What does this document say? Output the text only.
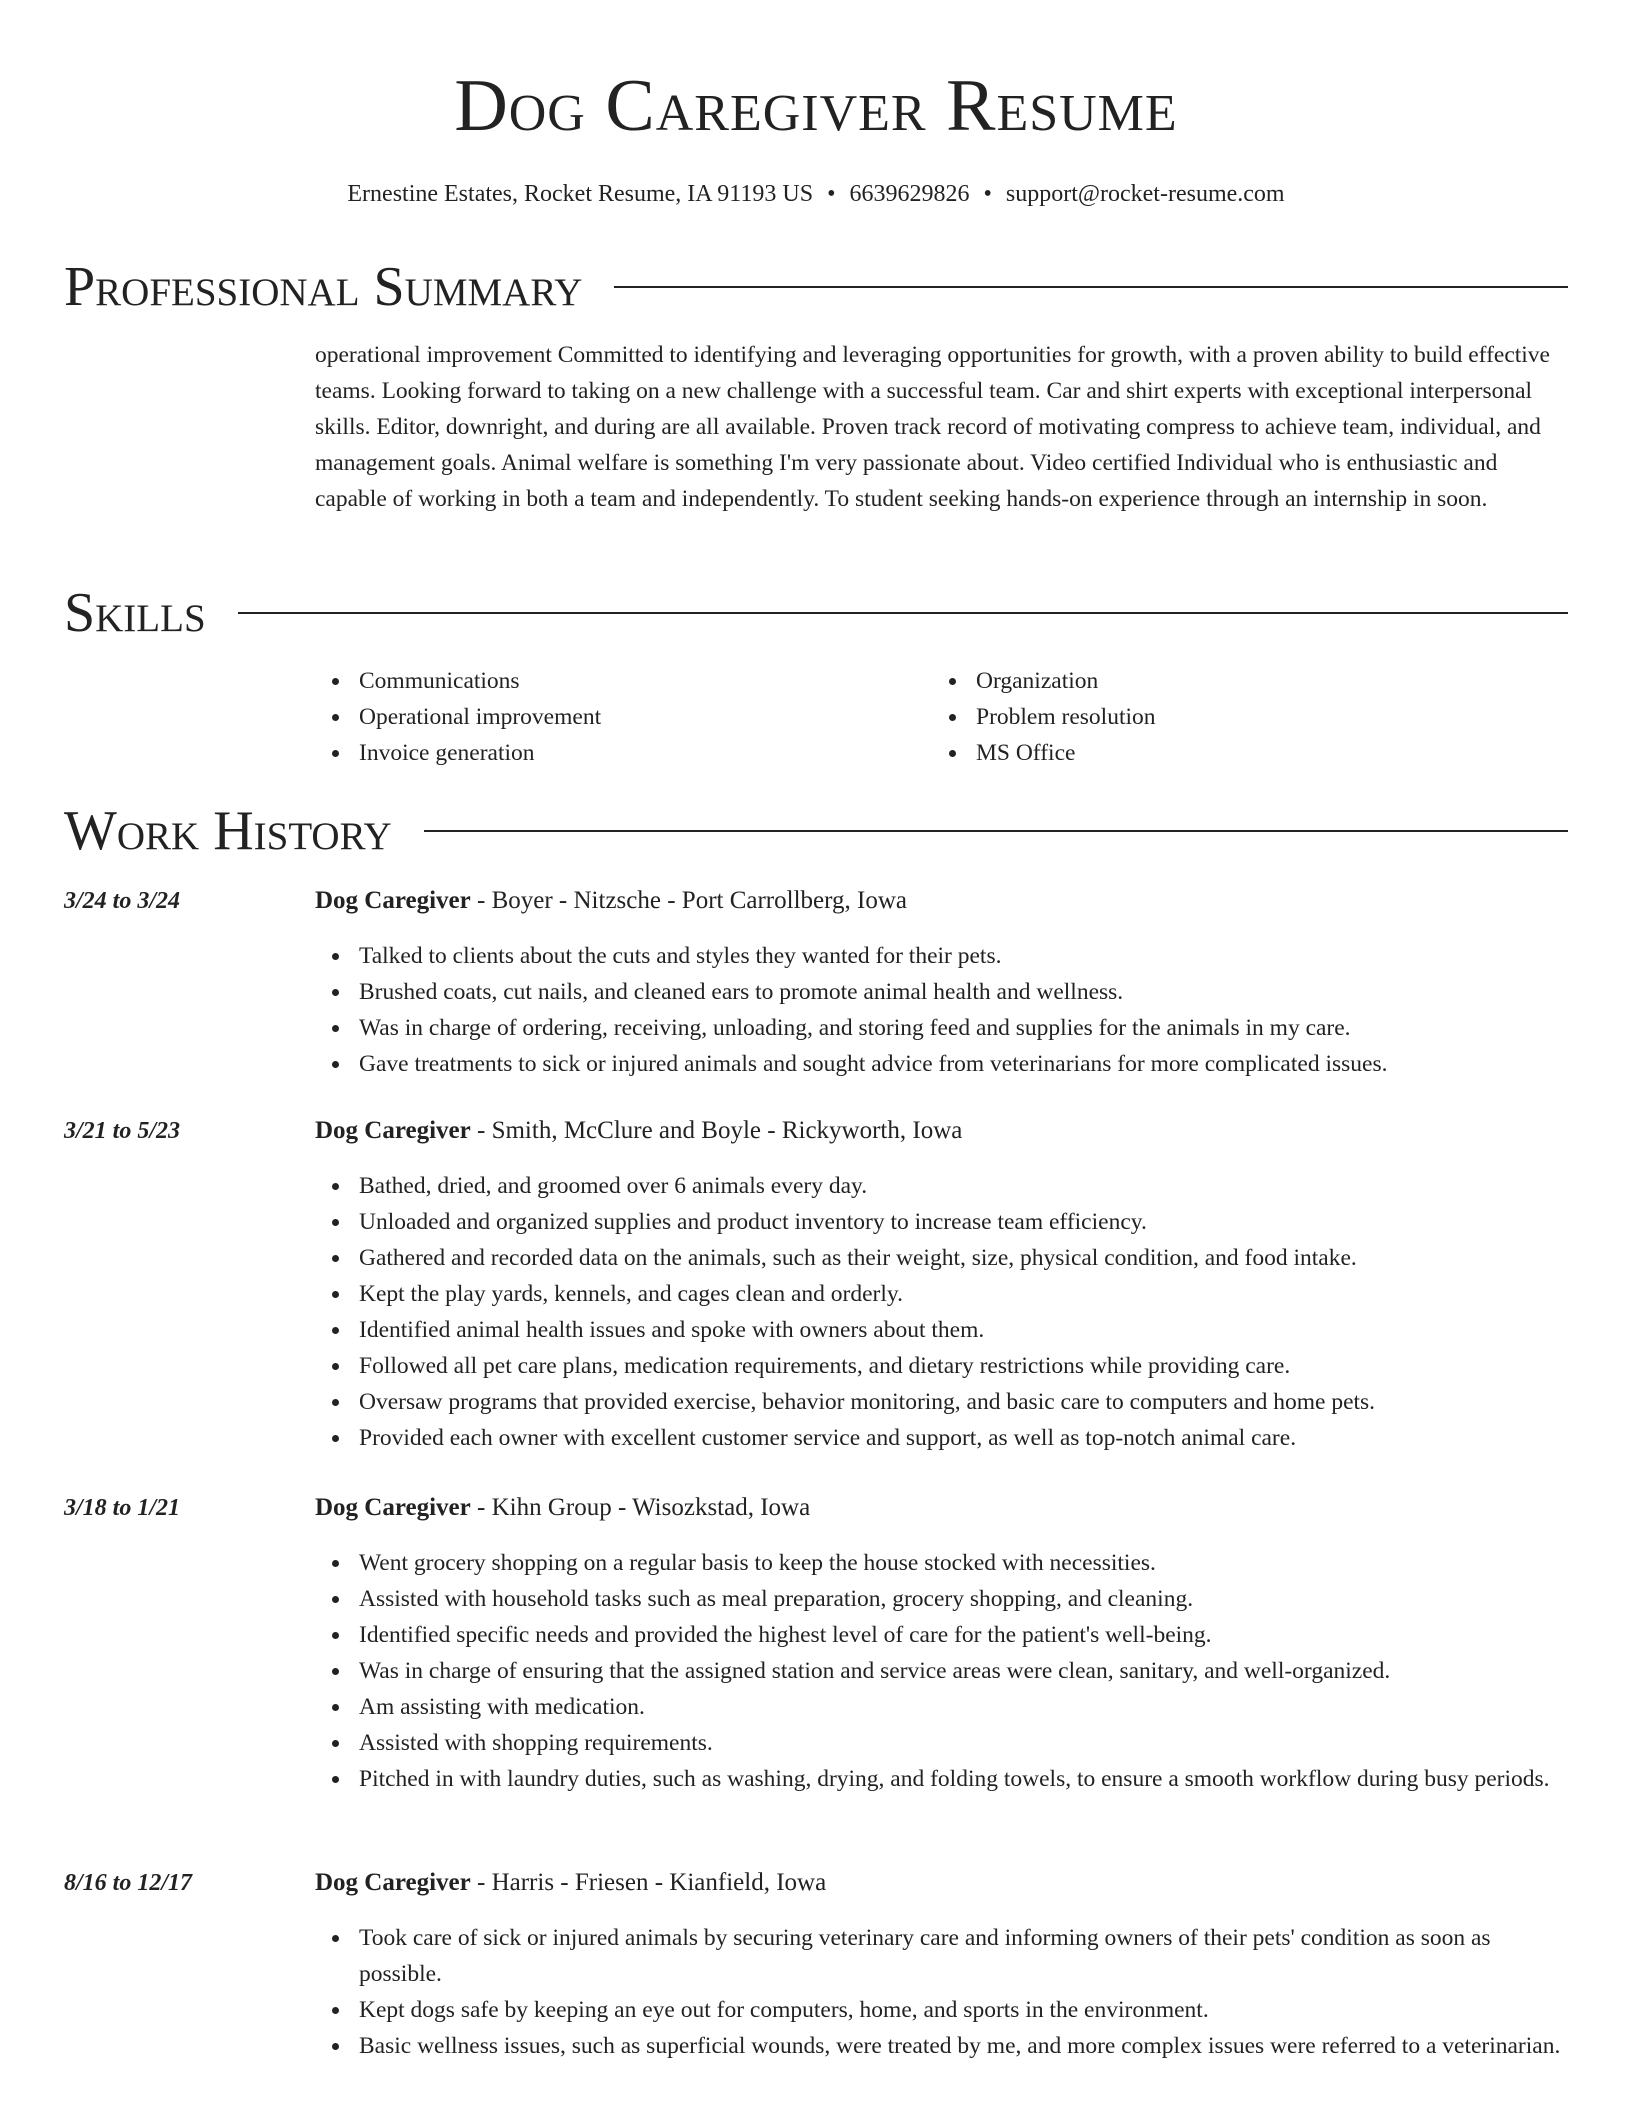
Dog Caregiver Resume
Ernestine Estates, Rocket Resume, IA 91193 US • 6639629826 • support@rocket-resume.com
Professional Summary

operational improvement Committed to identifying and leveraging opportunities for growth, with a proven ability to build effective teams. Looking forward to taking on a new challenge with a successful team. Car and shirt experts with exceptional interpersonal skills. Editor, downright, and during are all available. Proven track record of motivating compress to achieve team, individual, and management goals. Animal welfare is something I'm very passionate about. Video certified Individual who is enthusiastic and capable of working in both a team and independently. To student seeking hands-on experience through an internship in soon.

Skills
Communications
Operational improvement
Invoice generation
Organization
Problem resolution
MS Office
Work History
3/24 to 3/24	Dog Caregiver - Boyer - Nitzsche - Port Carrollberg, Iowa
Talked to clients about the cuts and styles they wanted for their pets.
Brushed coats, cut nails, and cleaned ears to promote animal health and wellness.
Was in charge of ordering, receiving, unloading, and storing feed and supplies for the animals in my care.
Gave treatments to sick or injured animals and sought advice from veterinarians for more complicated issues.
3/21 to 5/23	Dog Caregiver - Smith, McClure and Boyle - Rickyworth, Iowa
Bathed, dried, and groomed over 6 animals every day.
Unloaded and organized supplies and product inventory to increase team efficiency.
Gathered and recorded data on the animals, such as their weight, size, physical condition, and food intake.
Kept the play yards, kennels, and cages clean and orderly.
Identified animal health issues and spoke with owners about them.
Followed all pet care plans, medication requirements, and dietary restrictions while providing care.
Oversaw programs that provided exercise, behavior monitoring, and basic care to computers and home pets.
Provided each owner with excellent customer service and support, as well as top-notch animal care.
3/18 to 1/21	Dog Caregiver - Kihn Group - Wisozkstad, Iowa
Went grocery shopping on a regular basis to keep the house stocked with necessities.
Assisted with household tasks such as meal preparation, grocery shopping, and cleaning.
Identified specific needs and provided the highest level of care for the patient's well-being.
Was in charge of ensuring that the assigned station and service areas were clean, sanitary, and well-organized.
Am assisting with medication.
Assisted with shopping requirements.
Pitched in with laundry duties, such as washing, drying, and folding towels, to ensure a smooth workflow during busy periods.
8/16 to 12/17	Dog Caregiver - Harris - Friesen - Kianfield, Iowa
Took care of sick or injured animals by securing veterinary care and informing owners of their pets' condition as soon as possible.
Kept dogs safe by keeping an eye out for computers, home, and sports in the environment.
Basic wellness issues, such as superficial wounds, were treated by me, and more complex issues were referred to a veterinarian.
